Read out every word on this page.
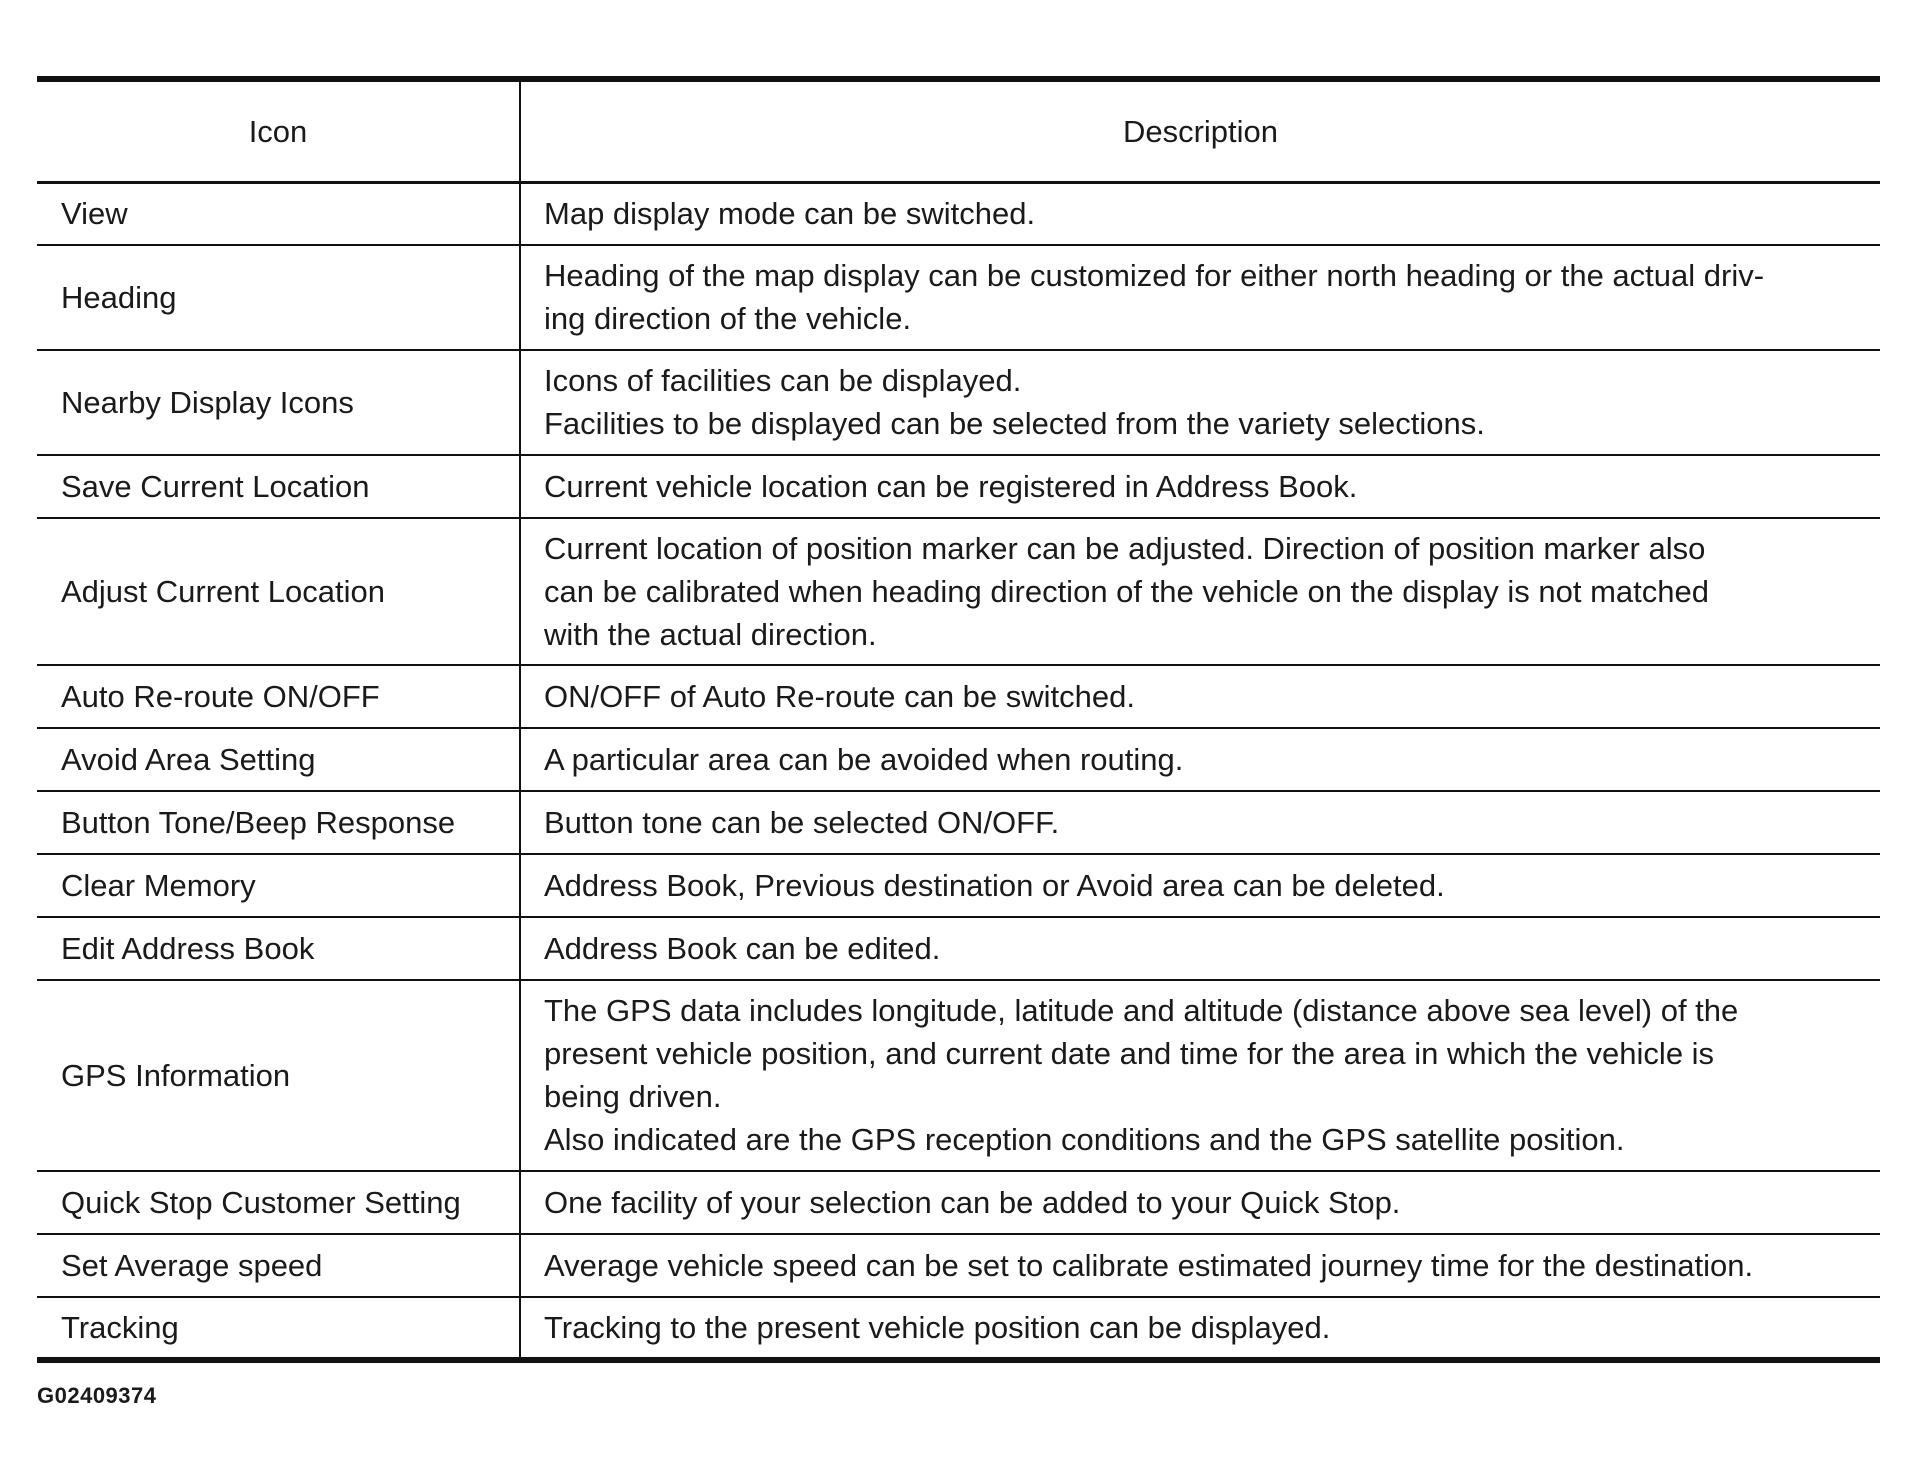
Icon	Description
View	Map display mode can be switched.

Heading	Heading of the map display can be customized for either north heading or the actual driv-
ing direction of the vehicle.

Nearby Display Icons	Icons of facilities can be displayed.
Facilities to be displayed can be selected from the variety selections.

Save Current Location	Current vehicle location can be registered in Address Book.

Adjust Current Location	Current location of position marker can be adjusted. Direction of position marker also
can be calibrated when heading direction of the vehicle on the display is not matched
with the actual direction.

Auto Re-route ON/OFF	ON/OFF of Auto Re-route can be switched.

Avoid Area Setting	A particular area can be avoided when routing.

Button Tone/Beep Response	Button tone can be selected ON/OFF.

Clear Memory	Address Book, Previous destination or Avoid area can be deleted.

Edit Address Book	Address Book can be edited.

GPS Information	The GPS data includes longitude, latitude and altitude (distance above sea level) of the
present vehicle position, and current date and time for the area in which the vehicle is
being driven.
Also indicated are the GPS reception conditions and the GPS satellite position.

Quick Stop Customer Setting	One facility of your selection can be added to your Quick Stop.

Set Average speed	Average vehicle speed can be set to calibrate estimated journey time for the destination.

Tracking	Tracking to the present vehicle position can be displayed.
G02409374
